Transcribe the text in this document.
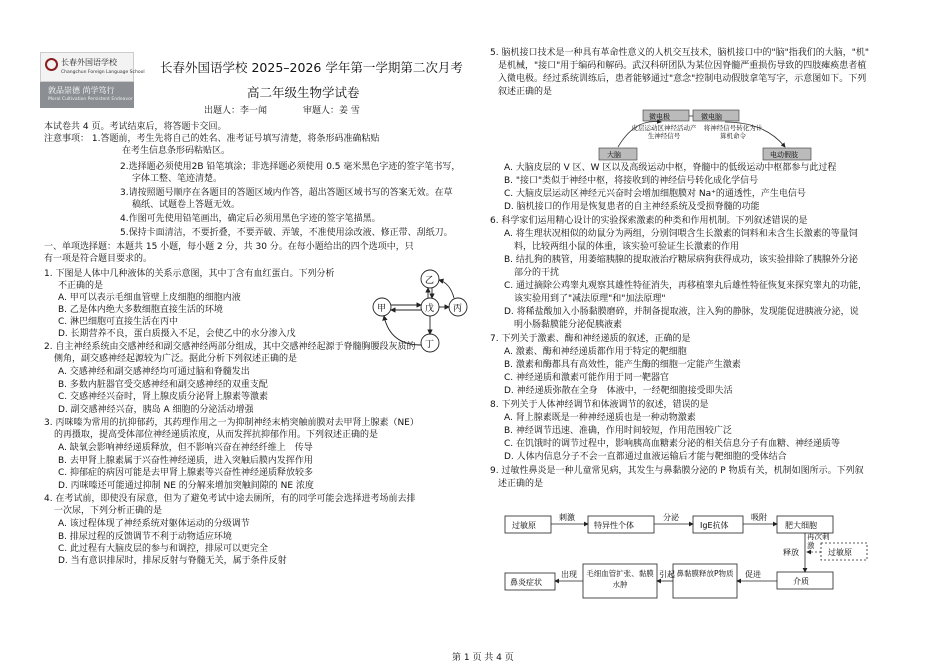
长春外国语学校
Changchun Foreign Language School
敦品崇德 尚学笃行
Moral Cultivation Persistent Endeavor
长春外国语学校 2025–2026 学年第一学期第二次月考
高二年级生物学试卷
出题人：李一闻　　　　审题人：姜 雪
本试卷共 4 页。考试结束后，将答题卡交回。
注意事项： 1.答题前，考生先将自己的姓名、准考证号填写清楚，将条形码准确粘贴
在考生信息条形码粘贴区。
2.选择题必须使用2B 铅笔填涂；非选择题必须使用 0.5 毫米黑色字迹的签字笔书写，
字体工整、笔迹清楚。
3.请按照题号顺序在各题目的答题区域内作答，超出答题区域书写的答案无效。在草
稿纸、试题卷上答题无效。
4.作图可先使用铅笔画出，确定后必须用黑色字迹的签字笔描黑。
5.保持卡面清洁，不要折叠，不要弄破、弄皱，不准使用涂改液、修正带、刮纸刀。
一、单项选择题：本题共 15 小题，每小题 2 分，共 30 分。在每小题给出的四个选项中，只
有一项是符合题目要求的。
1. 下图是人体中几种液体的关系示意图，其中丁含有血红蛋白。下列分析
不正确的是
A. 甲可以表示毛细血管壁上皮细胞的细胞内液
B. 乙是体内绝大多数细胞直接生活的环境
C. 淋巴细胞可直接生活在丙中
D. 长期营养不良，蛋白质摄入不足，会使乙中的水分渗入戊
2. 自主神经系统由交感神经和副交感神经两部分组成，其中交感神经起源于脊髓胸腰段灰质的
侧角，副交感神经起源较为广泛。据此分析下列叙述正确的是
A. 交感神经和副交感神经均可通过脑和脊髓发出
B. 多数内脏器官受交感神经和副交感神经的双重支配
C. 交感神经兴奋时，肾上腺皮质分泌肾上腺素等激素
D. 副交感神经兴奋，胰岛 A 细胞的分泌活动增强
3. 丙咪嗪为常用的抗抑郁药，其药理作用之一为抑制神经末梢突触前膜对去甲肾上腺素（NE）
的再摄取，提高受体部位神经递质浓度，从而发挥抗抑郁作用。下列叙述正确的是
A. 缺氧会影响神经递质释放，但不影响兴奋在神经纤维上　传导
B. 去甲肾上腺素属于兴奋性神经递质，进入突触后膜内发挥作用
C. 抑郁症的病因可能是去甲肾上腺素等兴奋性神经递质释放较多
D. 丙咪嗪还可能通过抑制 NE 的分解来增加突触间隙的 NE 浓度
4. 在考试前，即使没有尿意，但为了避免考试中途去厕所，有的同学可能会选择进考场前去排
一次尿，下列分析正确的是
A. 该过程体现了神经系统对躯体运动的分级调节
B. 排尿过程的反馈调节不利于动物适应环境
C. 此过程有大脑皮层的参与和调控，排尿可以更完全
D. 当有意识排尿时，排尿反射与脊髓无关，属于条件反射
5. 脑机接口技术是一种具有革命性意义的人机交互技术，脑机接口中的"脑"指我们的大脑，"机"
是机械，"接口"用于编码和解码。武汉科研团队为某位因脊髓严重损伤导致的四肢瘫痪患者植
入微电极。经过系统训练后，患者能够通过"意念"控制电动假肢拿笔写字，示意图如下。下列
叙述正确的是
A. 大脑皮层的 V 区、W 区以及高级运动中枢，脊髓中的低级运动中枢都参与此过程
B. "接口"类似于神经中枢，将接收到的神经信号转化成化学信号
C. 大脑皮层运动区神经元兴奋时会增加细胞膜对 Na⁺的通透性，产生电信号
D. 脑机接口的作用是恢复患者的自主神经系统及受损脊髓的功能
6. 科学家们运用精心设计的实验探索激素的种类和作用机制。下列叙述错误的是
A. 将生理状况相似的幼鼠分为两组，分别饲喂含生长激素的饲料和未含生长激素的等量饲
料，比较两组小鼠的体重，该实验可验证生长激素的作用
B. 结扎狗的胰管，用萎缩胰腺的提取液治疗糖尿病狗获得成功，该实验排除了胰腺外分泌
部分的干扰
C. 通过摘除公鸡睾丸观察其雄性特征消失，再移植睾丸后雄性特征恢复来探究睾丸的功能，
该实验用到了"减法原理"和"加法原理"
D. 将稀盐酸加入小肠黏膜磨碎，并制备提取液，注入狗的静脉，发现能促进胰液分泌，说
明小肠黏膜能分泌促胰液素
7. 下列关于激素、酶和神经递质的叙述，正确的是
A. 激素、酶和神经递质都作用于特定的靶细胞
B. 激素和酶都具有高效性，能产生酶的细胞一定能产生激素
C. 神经递质和激素可能作用于同一靶器官
D. 神经递质弥散在全身　体液中，一经靶细胞接受即失活
8. 下列关于人体神经调节和体液调节的叙述，错误的是
A. 肾上腺素既是一种神经递质也是一种动物激素
B. 神经调节迅速、准确，作用时间较短，作用范围较广泛
C. 在饥饿时的调节过程中，影响胰高血糖素分泌的相关信息分子有血糖、神经递质等
D. 人体内信息分子不会一直都通过血液运输后才能与靶细胞的受体结合
9. 过敏性鼻炎是一种儿童常见病，其发生与鼻黏膜分泌的 P 物质有关，机制如图所示。下列叙
述正确的是
乙
甲	戊 丙
丁
微电极	微电脑
大脑	电动假肢
皮层运动区神经活动产生神经信号
将神经信号转化为计算机命令
过敏原
刺激
特异性个体
分泌
IgE抗体
吸附
肥大细胞
再次刺激
过敏原
释放
介质
促进
鼻黏膜释放P物质
引起
毛细血管扩张、黏膜水肿
出现
鼻炎症状
第 1 页 共 4 页
